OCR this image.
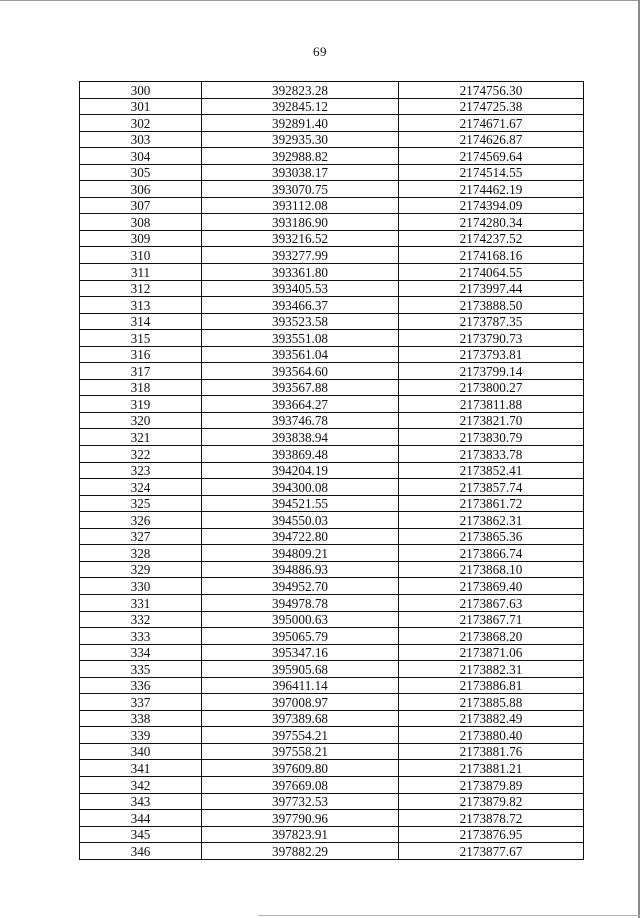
69
300	392823.28	2174756.30
301	392845.12	2174725.38
302	392891.40	2174671.67
303	392935.30	2174626.87
304	392988.82	2174569.64
305	393038.17	2174514.55
306	393070.75	2174462.19
307	393112.08	2174394.09
308	393186.90	2174280.34
309	393216.52	2174237.52
310	393277.99	2174168.16
311	393361.80	2174064.55
312	393405.53	2173997.44
313	393466.37	2173888.50
314	393523.58	2173787.35
315	393551.08	2173790.73
316	393561.04	2173793.81
317	393564.60	2173799.14
318	393567.88	2173800.27
319	393664.27	2173811.88
320	393746.78	2173821.70
321	393838.94	2173830.79
322	393869.48	2173833.78
323	394204.19	2173852.41
324	394300.08	2173857.74
325	394521.55	2173861.72
326	394550.03	2173862.31
327	394722.80	2173865.36
328	394809.21	2173866.74
329	394886.93	2173868.10
330	394952.70	2173869.40
331	394978.78	2173867.63
332	395000.63	2173867.71
333	395065.79	2173868.20
334	395347.16	2173871.06
335	395905.68	2173882.31
336	396411.14	2173886.81
337	397008.97	2173885.88
338	397389.68	2173882.49
339	397554.21	2173880.40
340	397558.21	2173881.76
341	397609.80	2173881.21
342	397669.08	2173879.89
343	397732.53	2173879.82
344	397790.96	2173878.72
345	397823.91	2173876.95
346	397882.29	2173877.67
